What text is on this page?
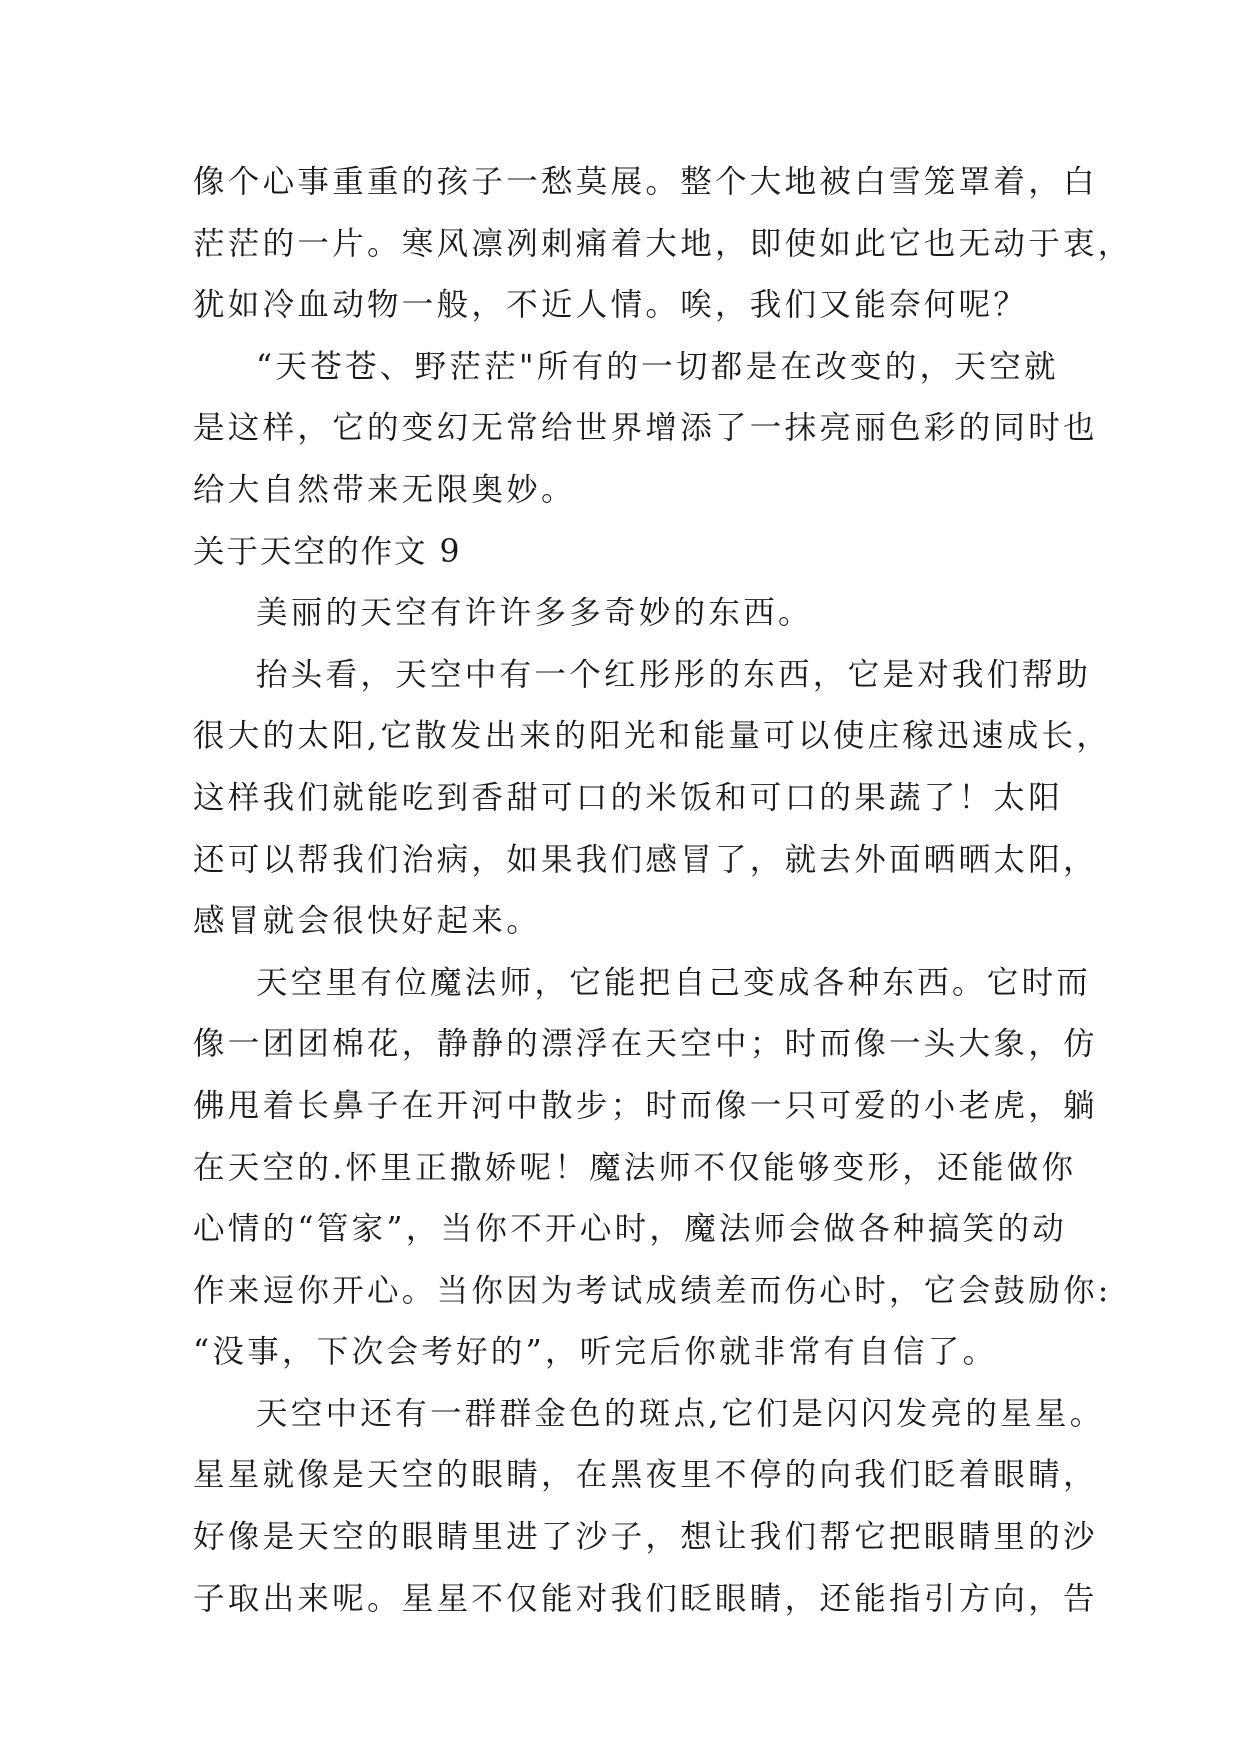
像个心事重重的孩子一愁莫展。整个大地被白雪笼罩着，白

茫茫的一片。寒风凛冽刺痛着大地，即使如此它也无动于衷，

犹如冷血动物一般，不近人情。唉，我们又能奈何呢？

“天苍苍、野茫茫"所有的一切都是在改变的，天空就

是这样，它的变幻无常给世界增添了一抹亮丽色彩的同时也

给大自然带来无限奥妙。

关于天空的作文 9

美丽的天空有许许多多奇妙的东西。

抬头看，天空中有一个红彤彤的东西，它是对我们帮助

很大的太阳,它散发出来的阳光和能量可以使庄稼迅速成长，

这样我们就能吃到香甜可口的米饭和可口的果蔬了！太阳

还可以帮我们治病，如果我们感冒了，就去外面晒晒太阳，

感冒就会很快好起来。

天空里有位魔法师，它能把自己变成各种东西。它时而

像一团团棉花，静静的漂浮在天空中；时而像一头大象，仿

佛甩着长鼻子在开河中散步；时而像一只可爱的小老虎，躺

在天空的.怀里正撒娇呢！魔法师不仅能够变形，还能做你

心情的“管家”，当你不开心时，魔法师会做各种搞笑的动

作来逗你开心。当你因为考试成绩差而伤心时，它会鼓励你:

“没事，下次会考好的”，听完后你就非常有自信了。

天空中还有一群群金色的斑点,它们是闪闪发亮的星星。

星星就像是天空的眼睛，在黑夜里不停的向我们眨着眼睛，

好像是天空的眼睛里进了沙子，想让我们帮它把眼睛里的沙

子取出来呢。星星不仅能对我们眨眼睛，还能指引方向，告
